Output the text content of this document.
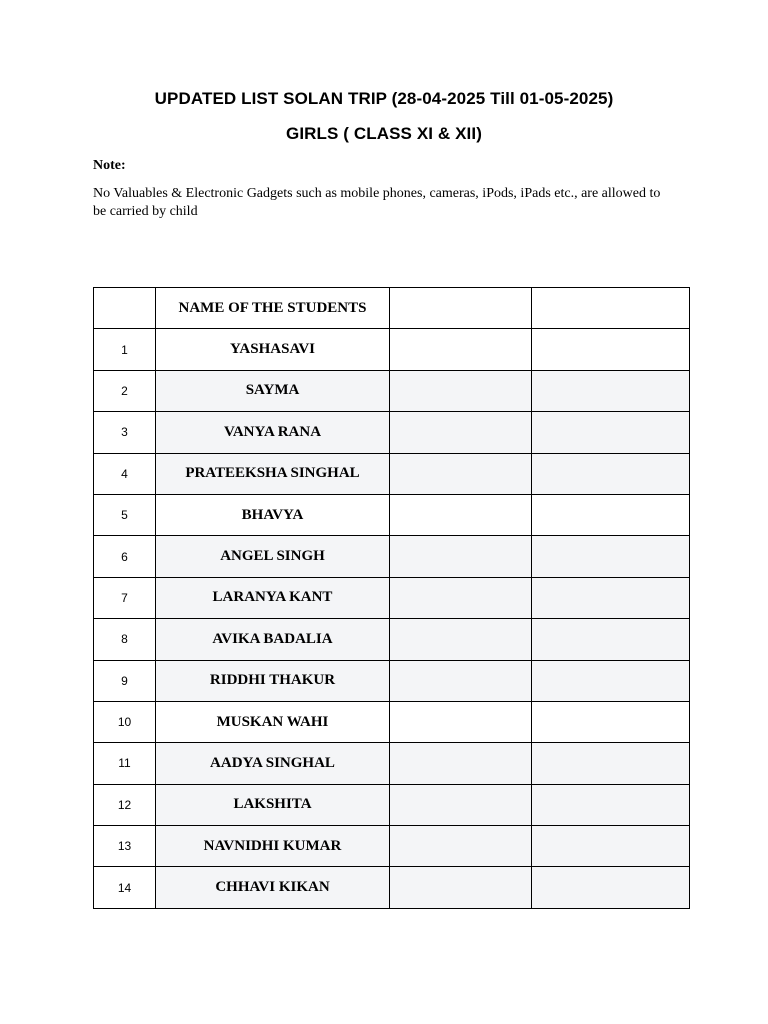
UPDATED LIST SOLAN TRIP (28-04-2025 Till 01-05-2025)
GIRLS ( CLASS XI & XII)
Note:
No Valuables & Electronic Gadgets such as mobile phones, cameras, iPods, iPads etc., are allowed to be carried by child
	NAME OF THE STUDENTS		
1	YASHASAVI		
2	SAYMA		
3	VANYA RANA		
4	PRATEEKSHA SINGHAL		
5	BHAVYA		
6	ANGEL SINGH		
7	LARANYA KANT		
8	AVIKA BADALIA		
9	RIDDHI THAKUR		
10	MUSKAN WAHI		
11	AADYA SINGHAL		
12	LAKSHITA		
13	NAVNIDHI KUMAR		
14	CHHAVI KIKAN		
